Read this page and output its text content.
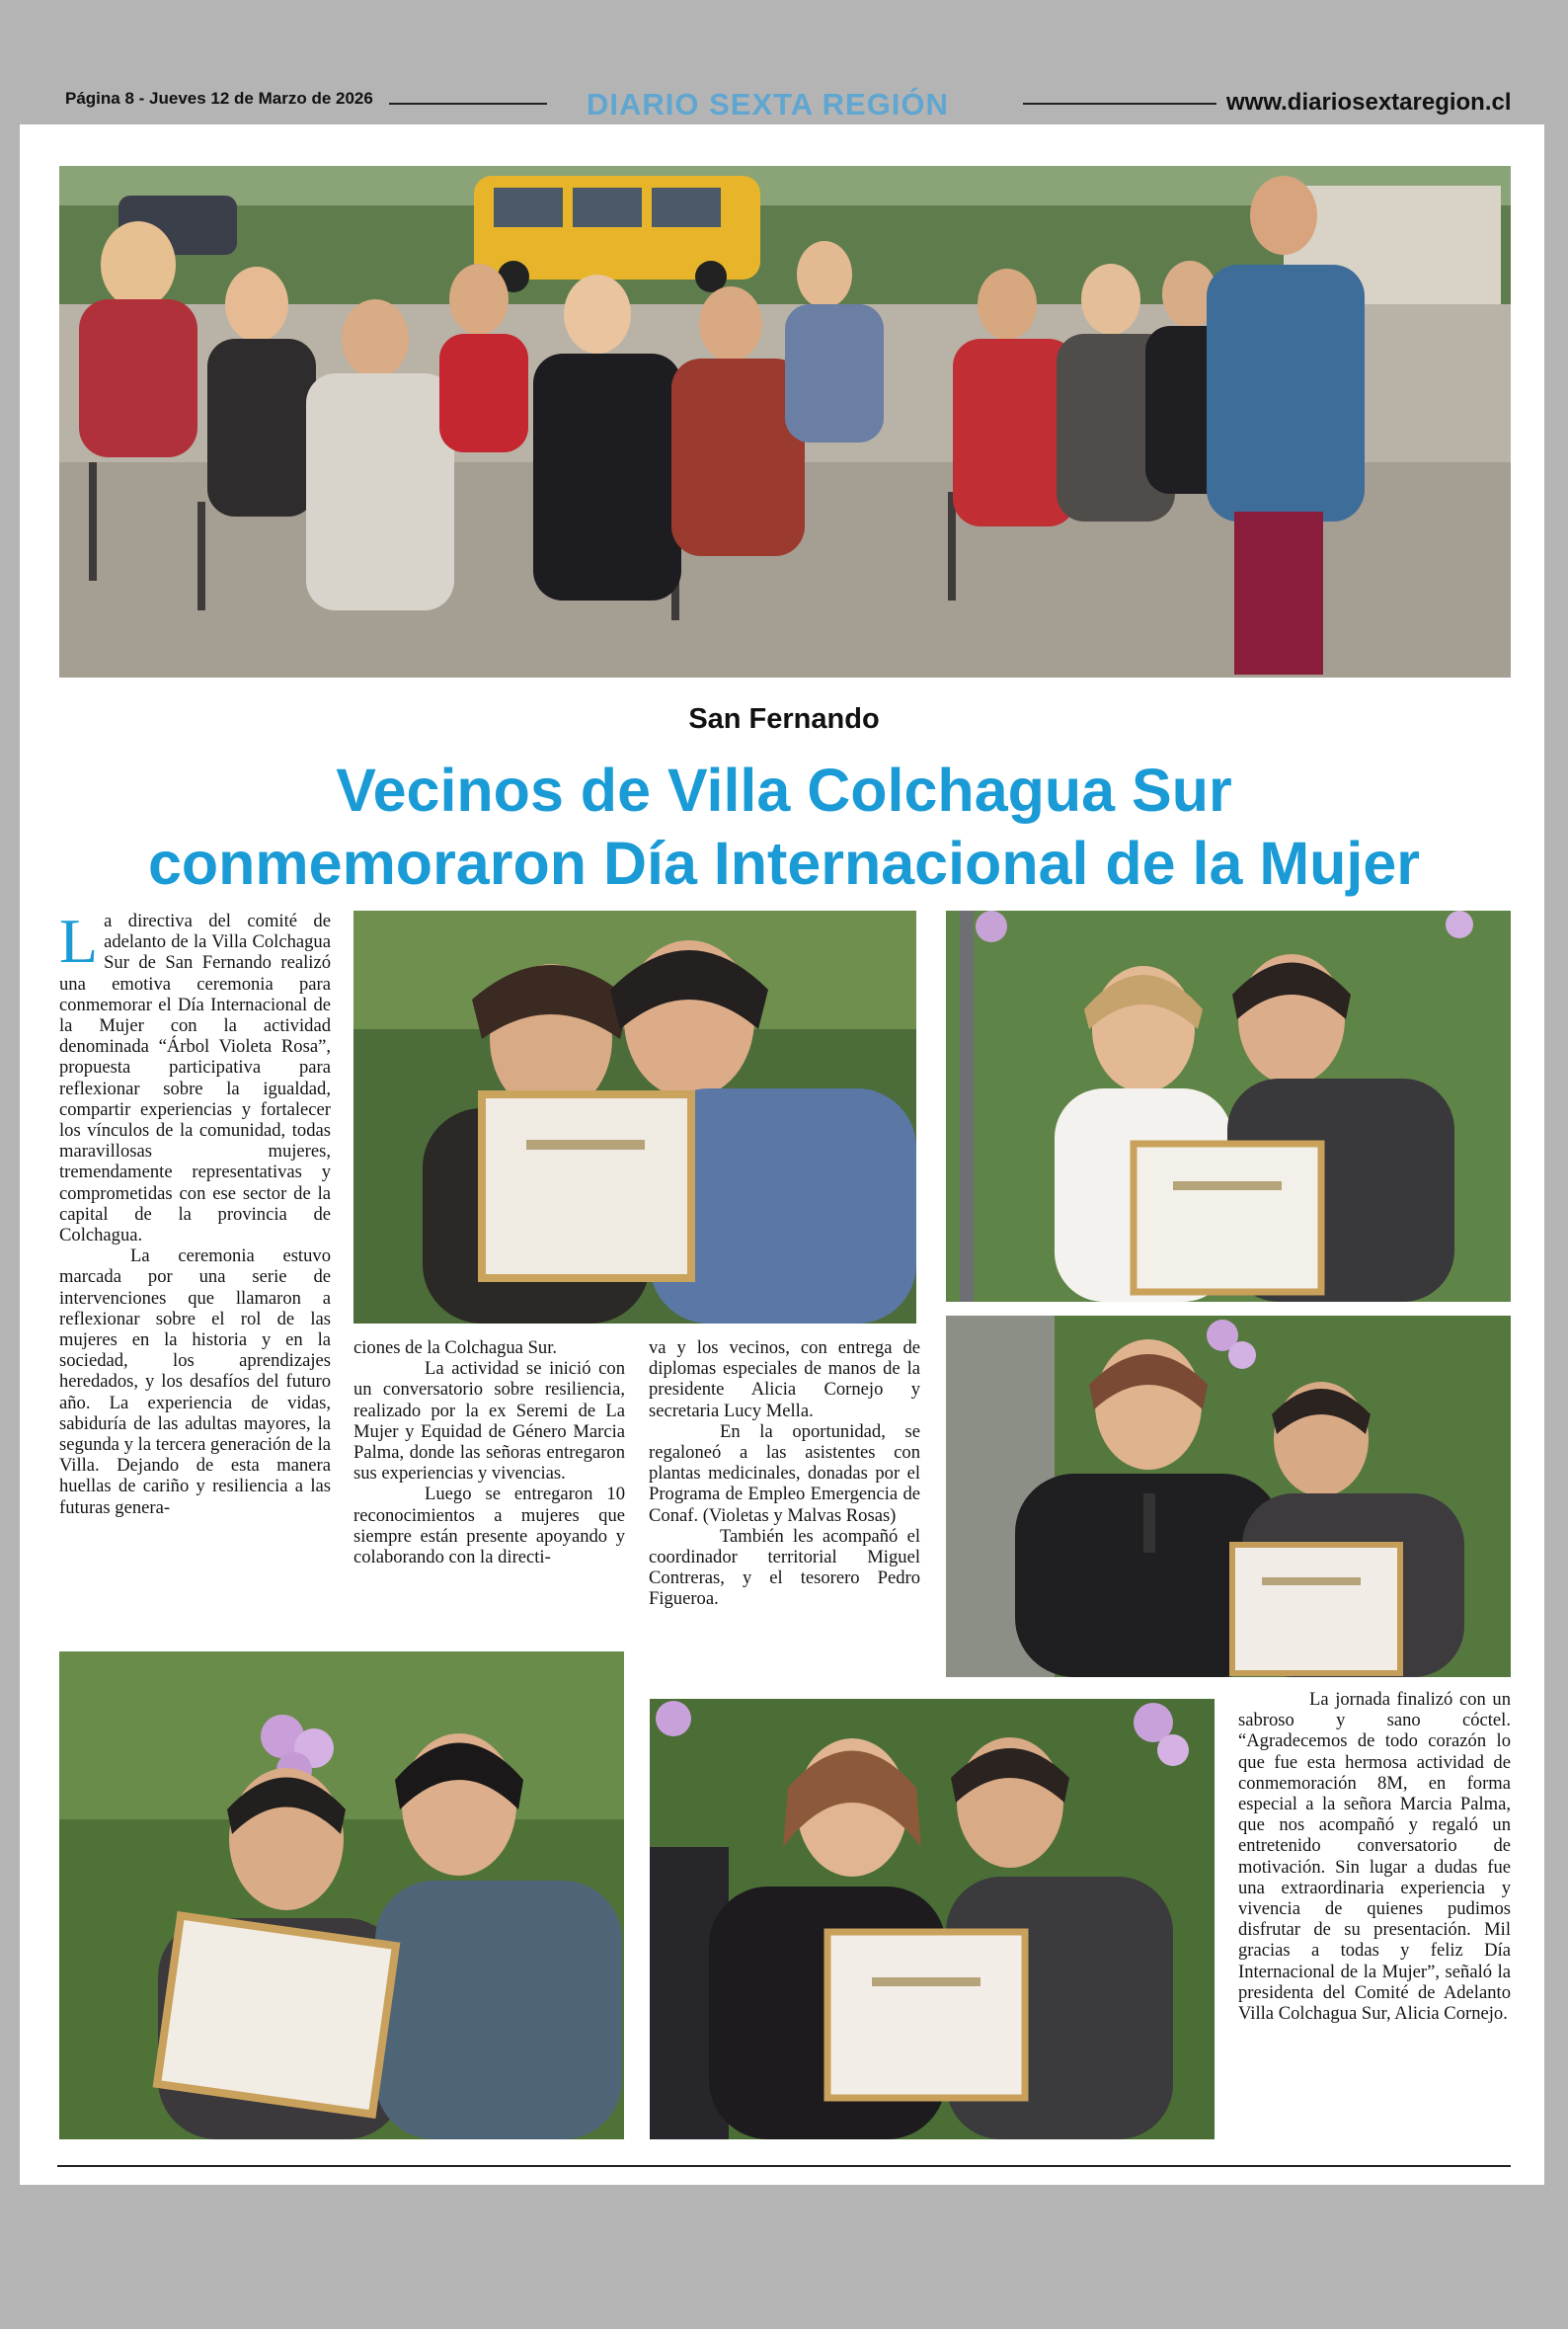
Página 8 - Jueves 12 de Marzo de 2026	DIARIO SEXTA REGIÓN	www.diariosextaregion.cl
San Fernando
Vecinos de Villa Colchagua Sur
conmemoraron Día Internacional de la Mujer

La directiva del comité de adelanto de la Villa Colchagua Sur de San Fernando realizó una emotiva ceremonia para conmemorar el Día Internacional de la Mujer con la actividad denominada “Árbol Violeta Rosa”, propuesta participativa para reflexionar sobre la igualdad, compartir experiencias y fortalecer los vínculos de la comunidad, todas maravillosas mujeres, tremendamente representativas y comprometidas con ese sector de la capital de la provincia de Colchagua.

La ceremonia estuvo marcada por una serie de intervenciones que llamaron a reflexionar sobre el rol de las mujeres en la historia y en la sociedad, los aprendizajes heredados, y los desafíos del futuro año. La experiencia de vidas, sabiduría de las adultas mayores, la segunda y la tercera generación de la Villa. Dejando de esta manera huellas de cariño y resiliencia a las futuras genera-

ciones de la Colchagua Sur.

La actividad se inició con un conversatorio sobre resiliencia, realizado por la ex Seremi de La Mujer y Equidad de Género Marcia Palma, donde las señoras entregaron sus experiencias y vivencias.

Luego se entregaron 10 reconocimientos a mujeres que siempre están presente apoyando y colaborando con la directi-

va y los vecinos, con entrega de diplomas especiales de manos de la presidente Alicia Cornejo y secretaria Lucy Mella.

En la oportunidad, se regaloneó a las asistentes con plantas medicinales, donadas por el Programa de Empleo Emergencia de Conaf. (Violetas y Malvas Rosas)

También les acompañó el coordinador territorial Miguel Contreras, y el tesorero Pedro Figueroa.

La jornada finalizó con un sabroso y sano cóctel. “Agradecemos de todo corazón lo que fue esta hermosa actividad de conmemoración 8M, en forma especial a la señora Marcia Palma, que nos acompañó y regaló un entretenido conversatorio de motivación. Sin lugar a dudas fue una extraordinaria experiencia y vivencia de quienes pudimos disfrutar de su presentación. Mil gracias a todas y feliz Día Internacional de la Mujer”, señaló la presidenta del Comité de Adelanto Villa Colchagua Sur, Alicia Cornejo.
